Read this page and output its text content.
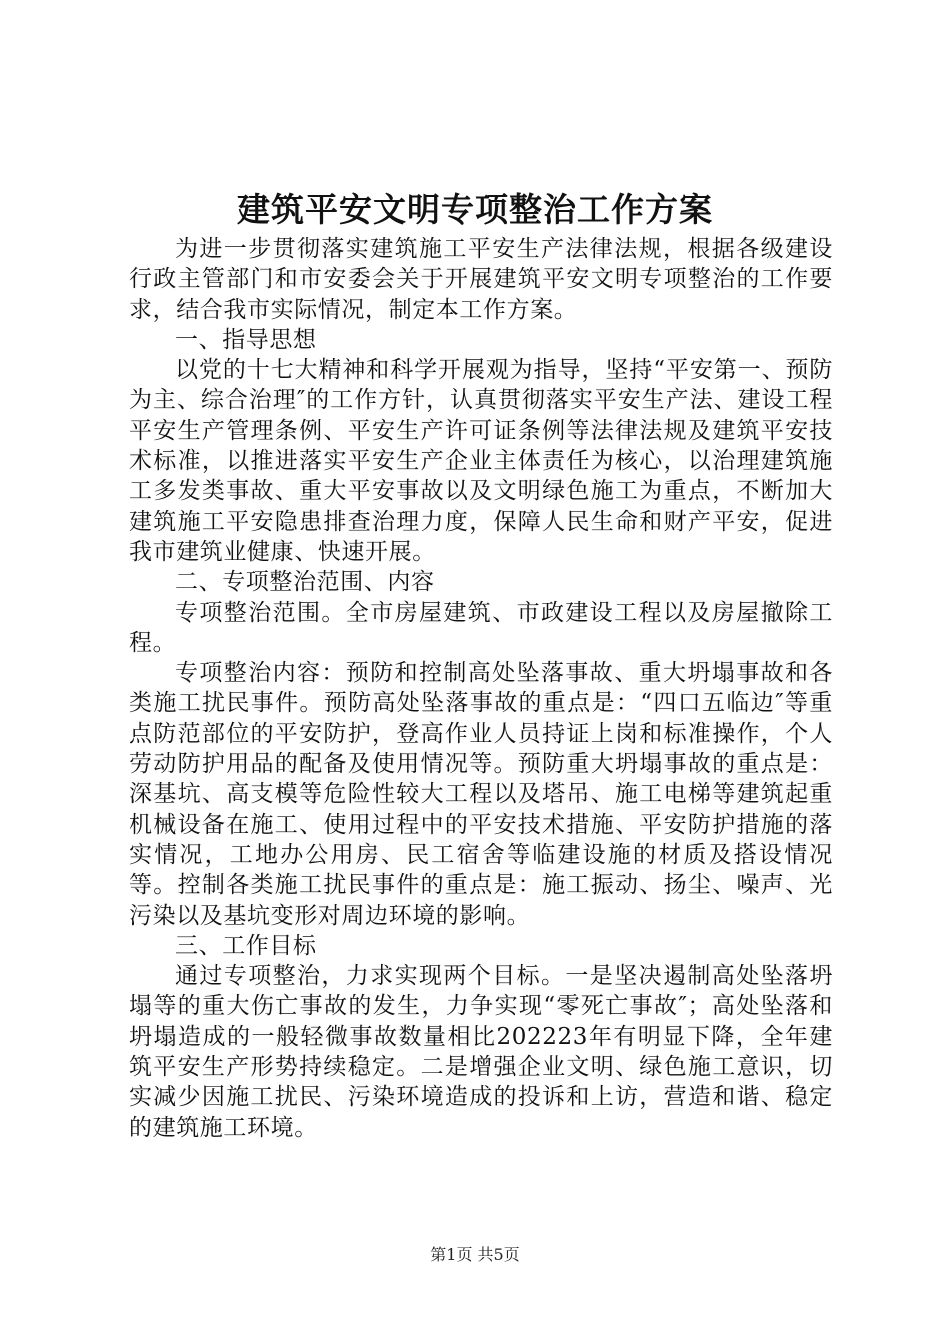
建筑平安文明专项整治工作方案

为进一步贯彻落实建筑施工平安生产法律法规，根据各级建设行政主管部门和市安委会关于开展建筑平安文明专项整治的工作要求，结合我市实际情况，制定本工作方案。

一、指导思想

以党的十七大精神和科学开展观为指导，坚持“平安第一、预防为主、综合治理″的工作方针，认真贯彻落实平安生产法、建设工程平安生产管理条例、平安生产许可证条例等法律法规及建筑平安技术标准，以推进落实平安生产企业主体责任为核心，以治理建筑施工多发类事故、重大平安事故以及文明绿色施工为重点，不断加大建筑施工平安隐患排查治理力度，保障人民生命和财产平安，促进我市建筑业健康、快速开展。

二、专项整治范围、内容

专项整治范围。全市房屋建筑、市政建设工程以及房屋撤除工程。

专项整治内容：预防和控制高处坠落事故、重大坍塌事故和各类施工扰民事件。预防高处坠落事故的重点是：“四口五临边″等重点防范部位的平安防护，登高作业人员持证上岗和标准操作，个人劳动防护用品的配备及使用情况等。预防重大坍塌事故的重点是：深基坑、高支模等危险性较大工程以及塔吊、施工电梯等建筑起重机械设备在施工、使用过程中的平安技术措施、平安防护措施的落实情况，工地办公用房、民工宿舍等临建设施的材质及搭设情况等。控制各类施工扰民事件的重点是：施工振动、扬尘、噪声、光污染以及基坑变形对周边环境的影响。

三、工作目标

通过专项整治，力求实现两个目标。一是坚决遏制高处坠落坍塌等的重大伤亡事故的发生，力争实现“零死亡事故″；高处坠落和坍塌造成的一般轻微事故数量相比202223年有明显下降，全年建筑平安生产形势持续稳定。二是增强企业文明、绿色施工意识，切实减少因施工扰民、污染环境造成的投诉和上访，营造和谐、稳定的建筑施工环境。

第1页 共5页
